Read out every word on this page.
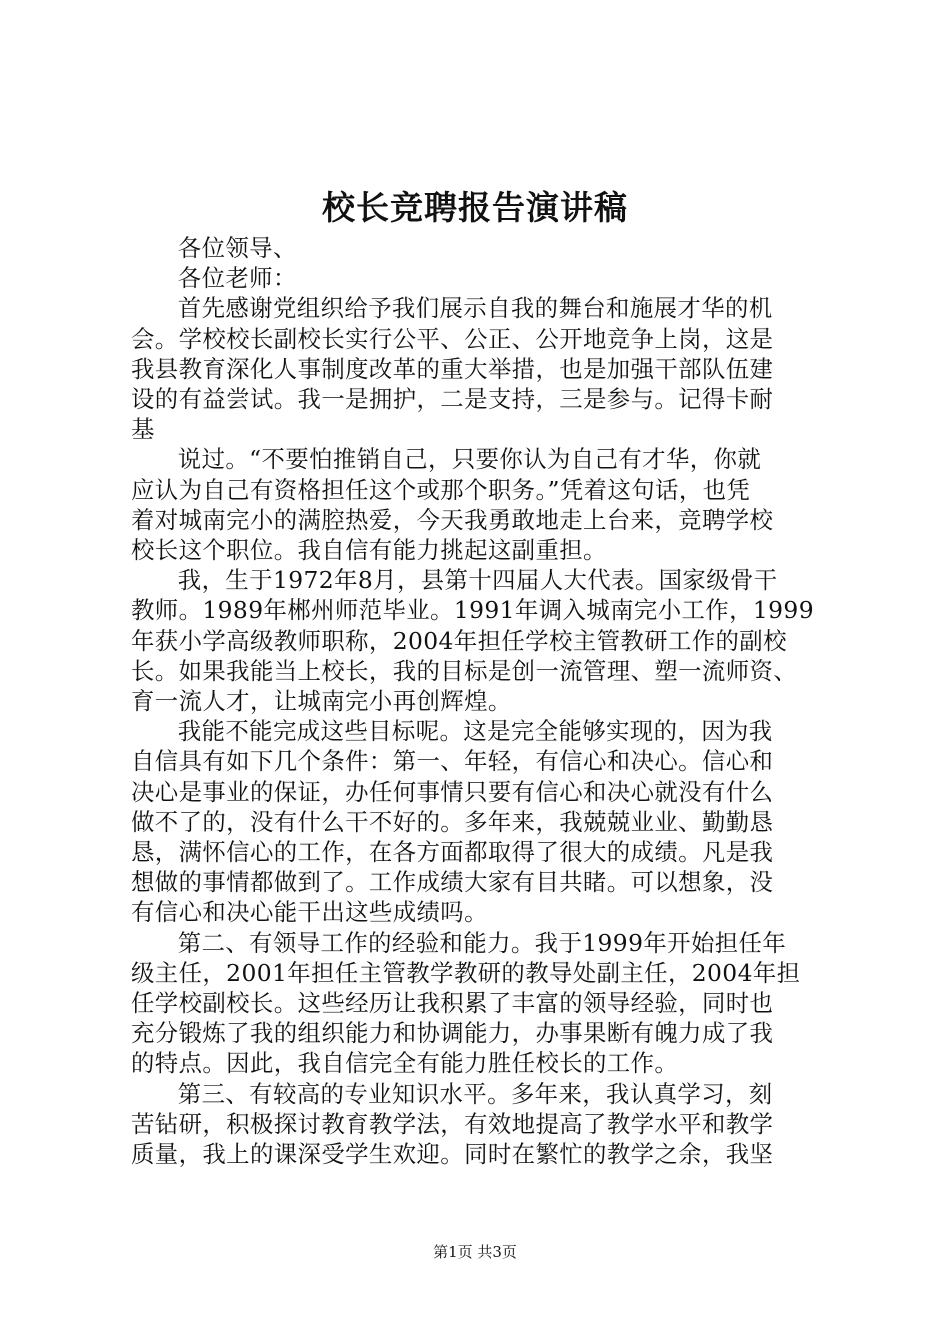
校长竞聘报告演讲稿

各位领导、

各位老师：

首先感谢党组织给予我们展示自我的舞台和施展才华的机
会。学校校长副校长实行公平、公正、公开地竞争上岗，这是
我县教育深化人事制度改革的重大举措，也是加强干部队伍建
设的有益尝试。我一是拥护，二是支持，三是参与。记得卡耐
基
说过。“不要怕推销自己，只要你认为自己有才华，你就
应认为自己有资格担任这个或那个职务。”凭着这句话，也凭
着对城南完小的满腔热爱，今天我勇敢地走上台来，竞聘学校
校长这个职位。我自信有能力挑起这副重担。
我，生于1972年8月，县第十四届人大代表。国家级骨干
教师。1989年郴州师范毕业。1991年调入城南完小工作，1999
年获小学高级教师职称，2004年担任学校主管教研工作的副校
长。如果我能当上校长，我的目标是创一流管理、塑一流师资、
育一流人才，让城南完小再创辉煌。
我能不能完成这些目标呢。这是完全能够实现的，因为我
自信具有如下几个条件：第一、年轻，有信心和决心。信心和
决心是事业的保证，办任何事情只要有信心和决心就没有什么
做不了的，没有什么干不好的。多年来，我兢兢业业、勤勤恳
恳，满怀信心的工作，在各方面都取得了很大的成绩。凡是我
想做的事情都做到了。工作成绩大家有目共睹。可以想象，没
有信心和决心能干出这些成绩吗。
第二、有领导工作的经验和能力。我于1999年开始担任年
级主任，2001年担任主管教学教研的教导处副主任，2004年担
任学校副校长。这些经历让我积累了丰富的领导经验，同时也
充分锻炼了我的组织能力和协调能力，办事果断有魄力成了我
的特点。因此，我自信完全有能力胜任校长的工作。
第三、有较高的专业知识水平。多年来，我认真学习，刻
苦钻研，积极探讨教育教学法，有效地提高了教学水平和教学
质量，我上的课深受学生欢迎。同时在繁忙的教学之余，我坚
第1页 共3页
